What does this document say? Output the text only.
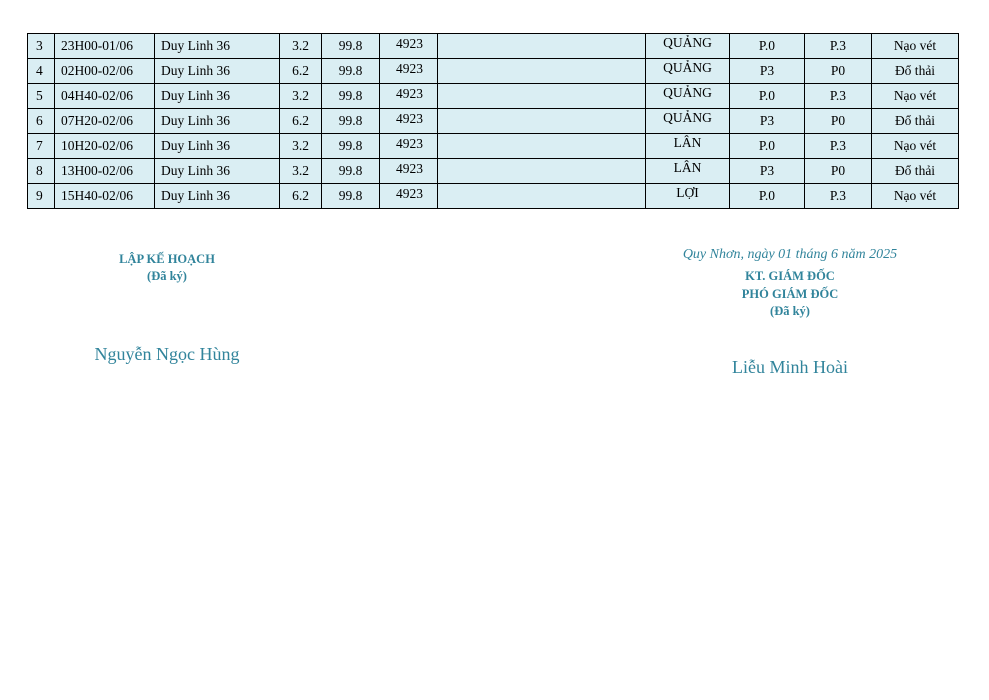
3	23H00-01/06	Duy Linh 36	3.2	99.8	4923		QUẢNG	P.0	P.3	Nạo vét
4	02H00-02/06	Duy Linh 36	6.2	99.8	4923		QUẢNG	P3	P0	Đổ thải
5	04H40-02/06	Duy Linh 36	3.2	99.8	4923		QUẢNG	P.0	P.3	Nạo vét
6	07H20-02/06	Duy Linh 36	6.2	99.8	4923		QUẢNG	P3	P0	Đổ thải
7	10H20-02/06	Duy Linh 36	3.2	99.8	4923		LÂN	P.0	P.3	Nạo vét
8	13H00-02/06	Duy Linh 36	3.2	99.8	4923		LÂN	P3	P0	Đổ thải
9	15H40-02/06	Duy Linh 36	6.2	99.8	4923		LỢI	P.0	P.3	Nạo vét
LẬP KẾ HOẠCH
(Đã ký)
Nguyễn Ngọc Hùng
Quy Nhơn, ngày 01 tháng 6 năm 2025
KT. GIÁM ĐỐC
PHÓ GIÁM ĐỐC
(Đã ký)
Liễu Minh Hoài
